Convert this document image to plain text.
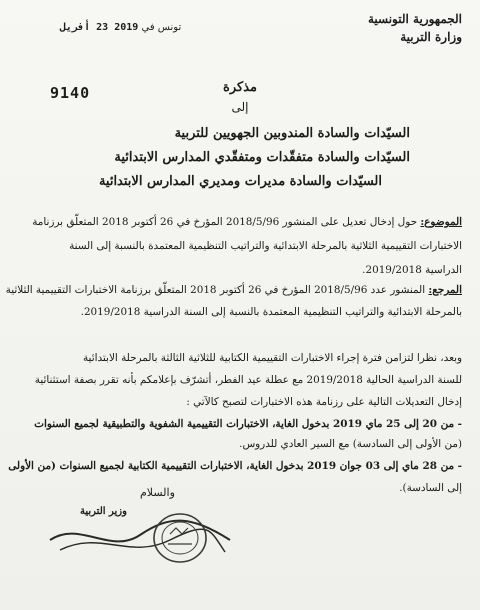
الجمهورية التونسية
وزارة التربية
تونس في 2019 23 أفريل
9140	مذكرة
إلى
السيّدات والسادة المندوبين الجهويين للتربية
السيّدات والسادة متفقّدات ومتفقّدي المدارس الابتدائية
السيّدات والسادة مديرات ومديري المدارس الابتدائية
الموضوع: حول إدخال تعديل على المنشور 2018/5/96 المؤرخ في 26 أكتوبر 2018 المتعلّق برزنامة
الاختبارات التقييمية الثلاثية بالمرحلة الابتدائية والتراتيب التنظيمية المعتمدة بالنسبة إلى السنة
الدراسية 2019/2018.
المرجع: المنشور عدد 2018/5/96 المؤرخ في 26 أكتوبر 2018 المتعلّق برزنامة الاختبارات التقييمية الثلاثية
بالمرحلة الابتدائية والتراتيب التنظيمية المعتمدة بالنسبة إلى السنة الدراسية 2019/2018.
وبعد، نظرا لتزامن فترة إجراء الاختبارات التقييمية الكتابية للثلاثية الثالثة بالمرحلة الابتدائية
للسنة الدراسية الحالية 2019/2018 مع عطلة عيد الفطر، أتشرّف بإعلامكم بأنه تقرر بصفة استثنائية
إدخال التعديلات التالية على رزنامة هذه الاختبارات لتصبح كالآتي :
- من 20 إلى 25 ماي 2019 بدخول الغاية، الاختبارات التقييمية الشفوية والتطبيقية لجميع السنوات
(من الأولى إلى السادسة) مع السير العادي للدروس.
- من 28 ماي إلى 03 جوان 2019 بدخول الغاية، الاختبارات التقييمية الكتابية لجميع السنوات (من الأولى
إلى السادسة).
والسلام
وزير التربية
